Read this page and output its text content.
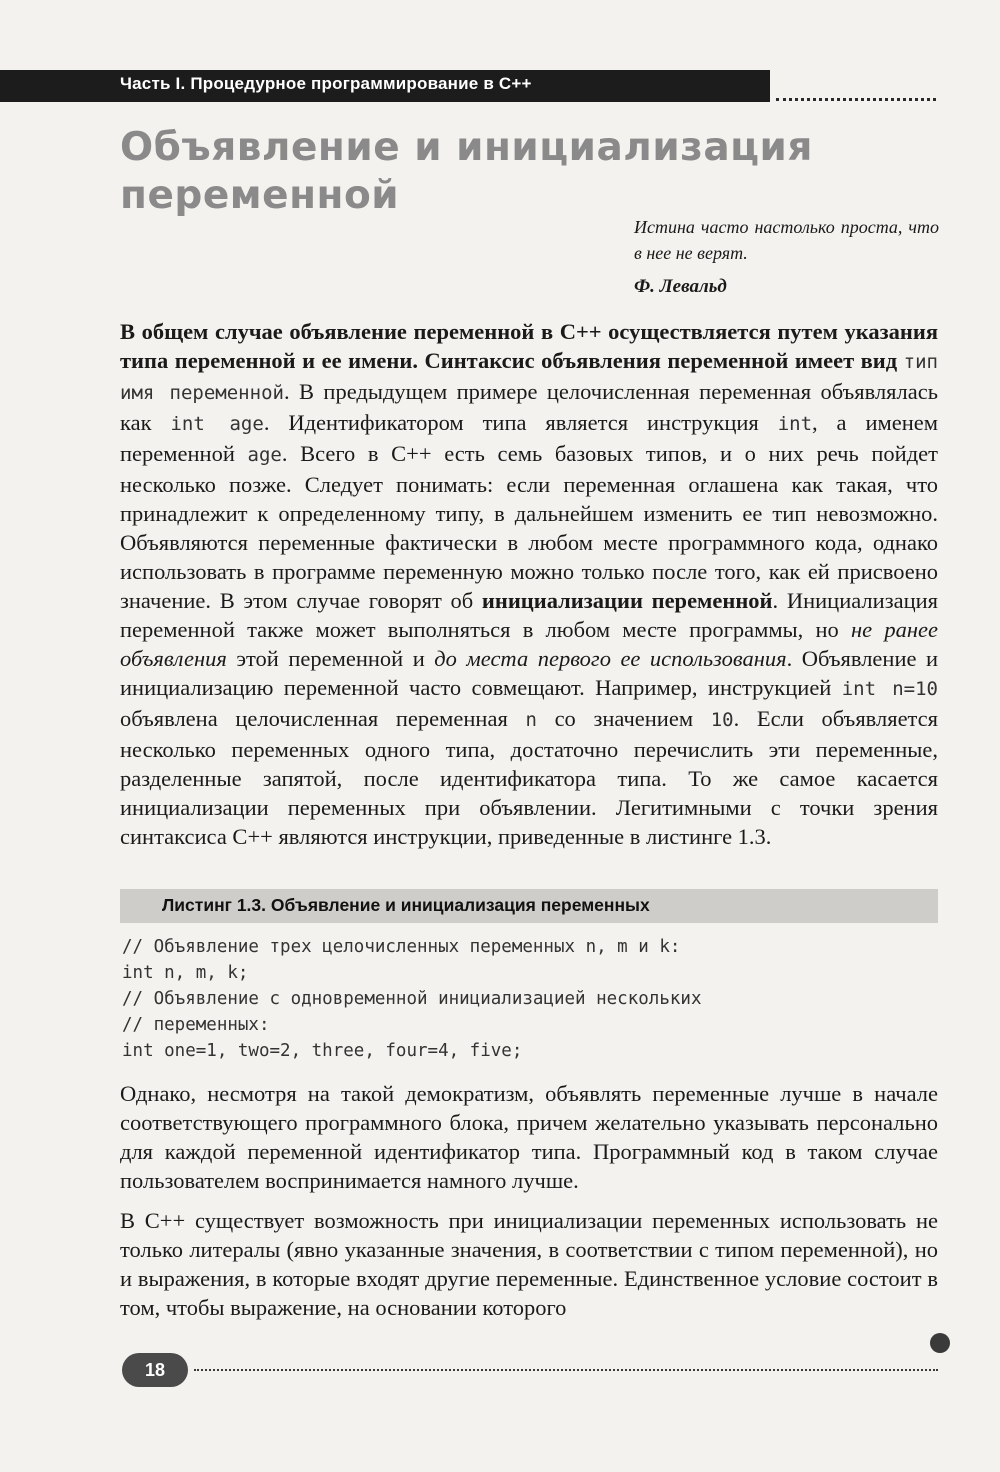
Часть I. Процедурное программирование в С++
Объявление и инициализация
переменной
Истина часто настолько проста, что в нее не верят.
Ф. Левальд

В общем случае объявление переменной в С++ осуществляется путем указания типа переменной и ее имени. Синтаксис объявления переменной имеет вид тип имя переменной. В предыдущем примере целочисленная переменная объявлялась как int age. Идентификатором типа является инструкция int, а именем переменной age. Всего в С++ есть семь базовых типов, и о них речь пойдет несколько позже. Следует понимать: если переменная оглашена как такая, что принадлежит к определенному типу, в дальнейшем изменить ее тип невозможно. Объявляются переменные фактически в любом месте программного кода, однако использовать в программе переменную можно только после того, как ей присвоено значение. В этом случае говорят об инициализации переменной. Инициализация переменной также может выполняться в любом месте программы, но не ранее объявления этой переменной и до места первого ее использования. Объявление и инициализацию переменной часто совмещают. Например, инструкцией int n=10 объявлена целочисленная переменная n со значением 10. Если объявляется несколько переменных одного типа, достаточно перечислить эти переменные, разделенные запятой, после идентификатора типа. То же самое касается инициализации переменных при объявлении. Легитимными с точки зрения синтаксиса С++ являются инструкции, приведенные в листинге 1.3.

Листинг 1.3. Объявление и инициализация переменных
// Объявление трех целочисленных переменных n, m и k:
int n, m, k;
// Объявление с одновременной инициализацией нескольких
// переменных:
int one=1, two=2, three, four=4, five;

Однако, несмотря на такой демократизм, объявлять переменные лучше в начале соответствующего программного блока, причем желательно указывать персонально для каждой переменной идентификатор типа. Программный код в таком случае пользователем воспринимается намного лучше.

В С++ существует возможность при инициализации переменных использовать не только литералы (явно указанные значения, в соответствии с типом переменной), но и выражения, в которые входят другие переменные. Единственное условие состоит в том, чтобы выражение, на основании которого

18
